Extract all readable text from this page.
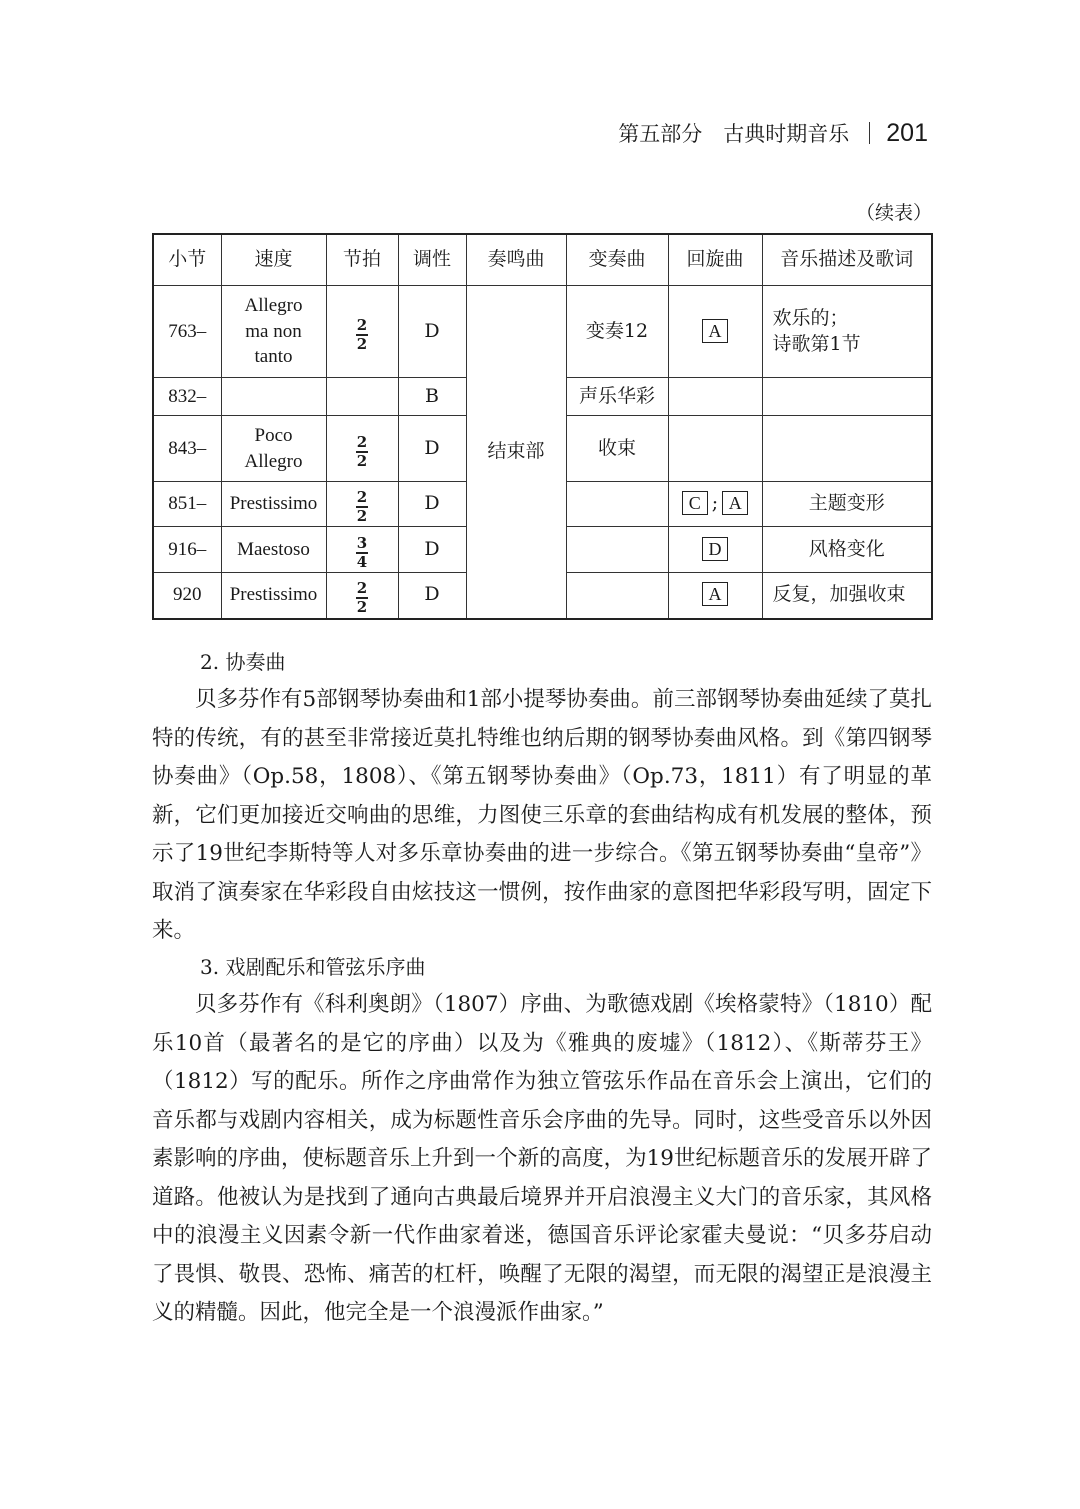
第五部分　古典时期音乐 201
（续表）
小节	速度	节拍	调性	奏鸣曲	变奏曲	回旋曲	音乐描述及歌词
763–	Allegro
ma non
tanto	$\frac{2}{2}$	D	结束部	变奏12	A	欢乐的；
诗歌第1节
832–			B		声乐华彩		
843–	Poco
Allegro	$\frac{2}{2}$	D		收束		
851–	Prestissimo	$\frac{2}{2}$	D			C ; A	主题变形
916–	Maestoso	$\frac{3}{4}$	D			D	风格变化
920	Prestissimo	$\frac{2}{2}$	D			A	反复，加强收束
2. 协奏曲

贝多芬作有5部钢琴协奏曲和1部小提琴协奏曲。前三部钢琴协奏曲延续了莫扎特的传统，有的甚至非常接近莫扎特维也纳后期的钢琴协奏曲风格。到《第四钢琴协奏曲》（Op.58，1808）、《第五钢琴协奏曲》（Op.73，1811）有了明显的革新，它们更加接近交响曲的思维，力图使三乐章的套曲结构成有机发展的整体，预示了19世纪李斯特等人对多乐章协奏曲的进一步综合。《第五钢琴协奏曲“皇帝”》取消了演奏家在华彩段自由炫技这一惯例，按作曲家的意图把华彩段写明，固定下来。

3. 戏剧配乐和管弦乐序曲

贝多芬作有《科利奥朗》（1807）序曲、为歌德戏剧《埃格蒙特》（1810）配乐10首（最著名的是它的序曲）以及为《雅典的废墟》（1812）、《斯蒂芬王》（1812）写的配乐。所作之序曲常作为独立管弦乐作品在音乐会上演出，它们的音乐都与戏剧内容相关，成为标题性音乐会序曲的先导。同时，这些受音乐以外因素影响的序曲，使标题音乐上升到一个新的高度，为19世纪标题音乐的发展开辟了道路。他被认为是找到了通向古典最后境界并开启浪漫主义大门的音乐家，其风格中的浪漫主义因素令新一代作曲家着迷，德国音乐评论家霍夫曼说：“贝多芬启动了畏惧、敬畏、恐怖、痛苦的杠杆，唤醒了无限的渴望，而无限的渴望正是浪漫主义的精髓。因此，他完全是一个浪漫派作曲家。”
